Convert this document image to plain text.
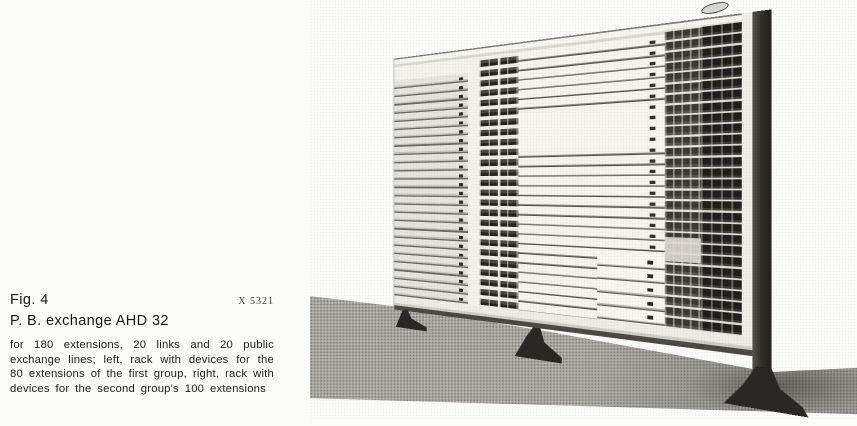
Fig. 4	X 5321
P. B. exchange AHD 32

for 180 extensions, 20 links and 20 public exchange lines; left, rack with devices for the 80 extensions of the first group, right, rack with devices for the second group's 100 extensions
